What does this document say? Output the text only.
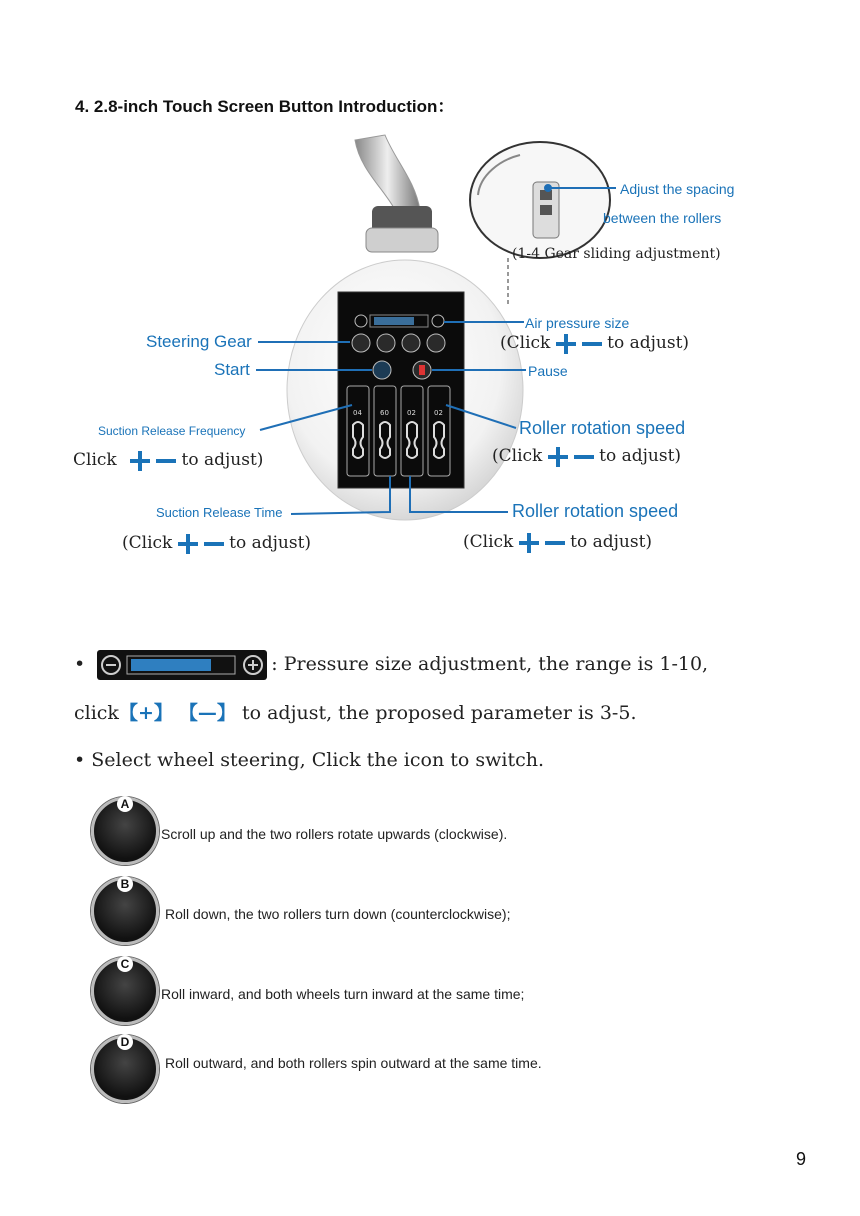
4. 2.8-inch Touch Screen Button Introduction：
04	60	02	02
Adjust the spacing
between the rollers
(1-4 Gear sliding adjustment)
Air pressure size
(Click	to adjust)
Steering Gear
Start	Pause
Suction Release Frequency
Click	to adjust)
Roller rotation speed
(Click	to adjust)
Suction Release Time
(Click	to adjust)
Roller rotation speed
(Click	to adjust)
•	: Pressure size adjustment, the range is 1-10,
click【+】 【—】 to adjust, the proposed parameter is 3-5.
• Select wheel steering, Click the icon to switch.
A
Scroll up and the two rollers rotate upwards (clockwise).
B
Roll down, the two rollers turn down (counterclockwise);
C
Roll inward, and both wheels turn inward at the same time;
D
Roll outward, and both rollers spin outward at the same time.
9
